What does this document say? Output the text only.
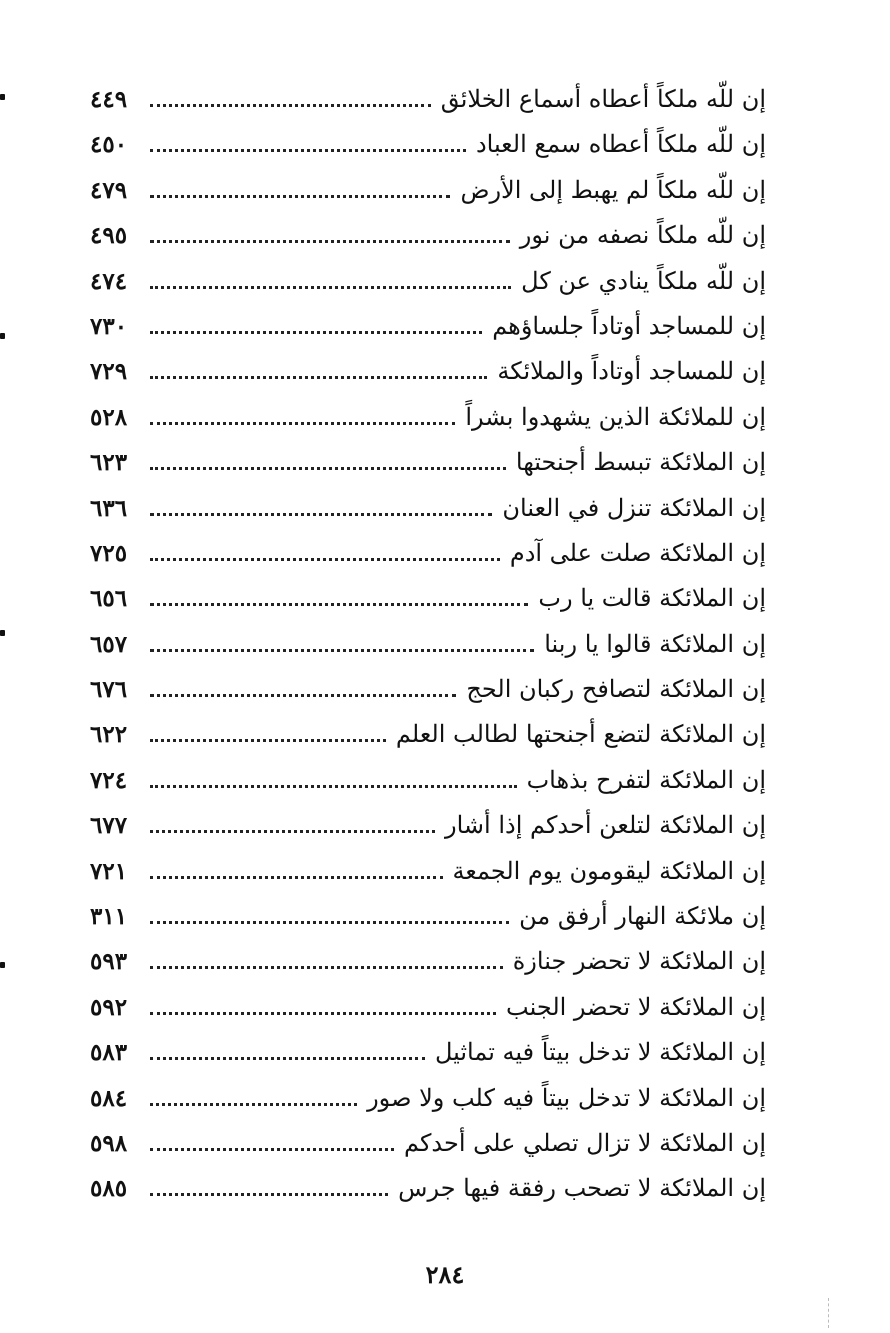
إن للّه ملكاً أعطاه أسماع الخلائق
٤٤٩
إن للّه ملكاً أعطاه سمع العباد
٤٥٠
إن للّه ملكاً لم يهبط إلى الأرض
٤٧٩
إن للّه ملكاً نصفه من نور
٤٩٥
إن للّه ملكاً ينادي عن كل
٤٧٤
إن للمساجد أوتاداً جلساؤهم
٧٣٠
إن للمساجد أوتاداً والملائكة
٧٢٩
إن للملائكة الذين يشهدوا بشراً
٥٢٨
إن الملائكة تبسط أجنحتها
٦٢٣
إن الملائكة تنزل في العنان
٦٣٦
إن الملائكة صلت على آدم
٧٢٥
إن الملائكة قالت يا رب
٦٥٦
إن الملائكة قالوا يا ربنا
٦٥٧
إن الملائكة لتصافح ركبان الحج
٦٧٦
إن الملائكة لتضع أجنحتها لطالب العلم
٦٢٢
إن الملائكة لتفرح بذهاب
٧٢٤
إن الملائكة لتلعن أحدكم إذا أشار
٦٧٧
إن الملائكة ليقومون يوم الجمعة
٧٢١
إن ملائكة النهار أرفق من
٣١١
إن الملائكة لا تحضر جنازة
٥٩٣
إن الملائكة لا تحضر الجنب
٥٩٢
إن الملائكة لا تدخل بيتاً فيه تماثيل
٥٨٣
إن الملائكة لا تدخل بيتاً فيه كلب ولا صور
٥٨٤
إن الملائكة لا تزال تصلي على أحدكم
٥٩٨
إن الملائكة لا تصحب رفقة فيها جرس
٥٨٥
٢٨٤
